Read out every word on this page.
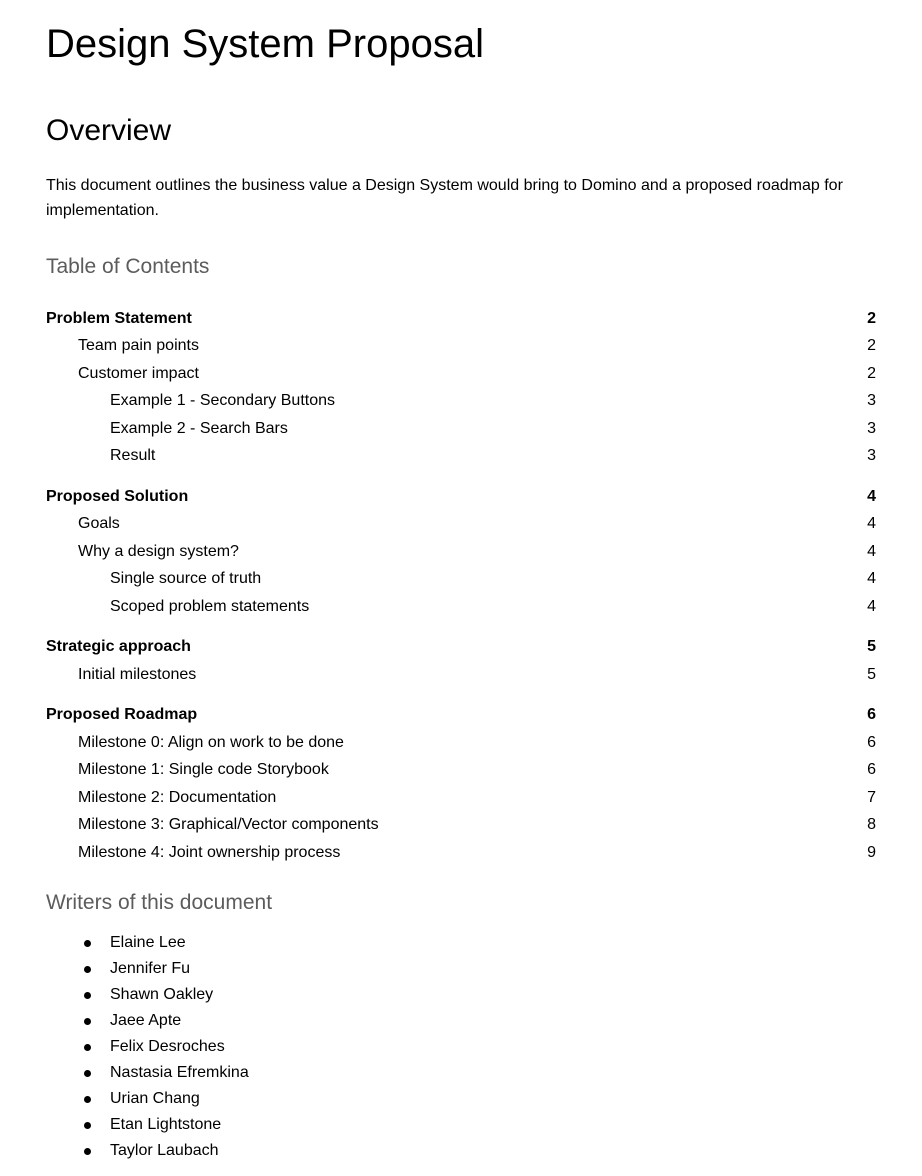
Design System Proposal
Overview

This document outlines the business value a Design System would bring to Domino and a proposed roadmap for implementation.

Table of Contents
Problem Statement	2
Team pain points	2
Customer impact	2
Example 1 - Secondary Buttons	3
Example 2 - Search Bars	3
Result	3
Proposed Solution	4
Goals	4
Why a design system?	4
Single source of truth	4
Scoped problem statements	4
Strategic approach	5
Initial milestones	5
Proposed Roadmap	6
Milestone 0: Align on work to be done	6
Milestone 1: Single code Storybook	6
Milestone 2: Documentation	7
Milestone 3: Graphical/Vector components	8
Milestone 4: Joint ownership process	9
Writers of this document
Elaine Lee
Jennifer Fu
Shawn Oakley
Jaee Apte
Felix Desroches
Nastasia Efremkina
Urian Chang
Etan Lightstone
Taylor Laubach
